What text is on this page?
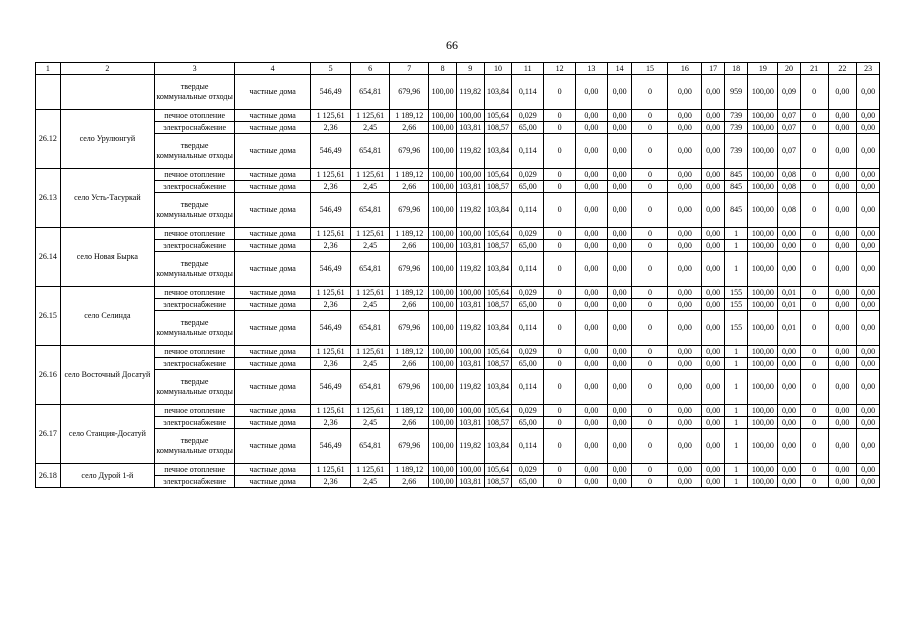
66
1	2	3	4	5	6	7	8	9	10	11	12	13	14	15	16	17	18	19	20	21	22	23
		твердые коммунальные отходы	частные дома	546,49	654,81	679,96	100,00	119,82	103,84	0,114	0	0,00	0,00	0	0,00	0,00	959	100,00	0,09	0	0,00	0,00
26.12	село Урулюнгуй	печное отопление	частные дома	1 125,61	1 125,61	1 189,12	100,00	100,00	105,64	0,029	0	0,00	0,00	0	0,00	0,00	739	100,00	0,07	0	0,00	0,00
		электроснабжение	частные дома	2,36	2,45	2,66	100,00	103,81	108,57	65,00	0	0,00	0,00	0	0,00	0,00	739	100,00	0,07	0	0,00	0,00
		твердые коммунальные отходы	частные дома	546,49	654,81	679,96	100,00	119,82	103,84	0,114	0	0,00	0,00	0	0,00	0,00	739	100,00	0,07	0	0,00	0,00
26.13	село Усть-Тасуркай	печное отопление	частные дома	1 125,61	1 125,61	1 189,12	100,00	100,00	105,64	0,029	0	0,00	0,00	0	0,00	0,00	845	100,00	0,08	0	0,00	0,00
		электроснабжение	частные дома	2,36	2,45	2,66	100,00	103,81	108,57	65,00	0	0,00	0,00	0	0,00	0,00	845	100,00	0,08	0	0,00	0,00
		твердые коммунальные отходы	частные дома	546,49	654,81	679,96	100,00	119,82	103,84	0,114	0	0,00	0,00	0	0,00	0,00	845	100,00	0,08	0	0,00	0,00
26.14	село Новая Бырка	печное отопление	частные дома	1 125,61	1 125,61	1 189,12	100,00	100,00	105,64	0,029	0	0,00	0,00	0	0,00	0,00	1	100,00	0,00	0	0,00	0,00
		электроснабжение	частные дома	2,36	2,45	2,66	100,00	103,81	108,57	65,00	0	0,00	0,00	0	0,00	0,00	1	100,00	0,00	0	0,00	0,00
		твердые коммунальные отходы	частные дома	546,49	654,81	679,96	100,00	119,82	103,84	0,114	0	0,00	0,00	0	0,00	0,00	1	100,00	0,00	0	0,00	0,00
26.15	село Селинда	печное отопление	частные дома	1 125,61	1 125,61	1 189,12	100,00	100,00	105,64	0,029	0	0,00	0,00	0	0,00	0,00	155	100,00	0,01	0	0,00	0,00
		электроснабжение	частные дома	2,36	2,45	2,66	100,00	103,81	108,57	65,00	0	0,00	0,00	0	0,00	0,00	155	100,00	0,01	0	0,00	0,00
		твердые коммунальные отходы	частные дома	546,49	654,81	679,96	100,00	119,82	103,84	0,114	0	0,00	0,00	0	0,00	0,00	155	100,00	0,01	0	0,00	0,00
26.16	село Восточный Досатуй	печное отопление	частные дома	1 125,61	1 125,61	1 189,12	100,00	100,00	105,64	0,029	0	0,00	0,00	0	0,00	0,00	1	100,00	0,00	0	0,00	0,00
		электроснабжение	частные дома	2,36	2,45	2,66	100,00	103,81	108,57	65,00	0	0,00	0,00	0	0,00	0,00	1	100,00	0,00	0	0,00	0,00
		твердые коммунальные отходы	частные дома	546,49	654,81	679,96	100,00	119,82	103,84	0,114	0	0,00	0,00	0	0,00	0,00	1	100,00	0,00	0	0,00	0,00
26.17	село Станция-Досатуй	печное отопление	частные дома	1 125,61	1 125,61	1 189,12	100,00	100,00	105,64	0,029	0	0,00	0,00	0	0,00	0,00	1	100,00	0,00	0	0,00	0,00
		электроснабжение	частные дома	2,36	2,45	2,66	100,00	103,81	108,57	65,00	0	0,00	0,00	0	0,00	0,00	1	100,00	0,00	0	0,00	0,00
		твердые коммунальные отходы	частные дома	546,49	654,81	679,96	100,00	119,82	103,84	0,114	0	0,00	0,00	0	0,00	0,00	1	100,00	0,00	0	0,00	0,00
26.18	село Дурой 1-й	печное отопление	частные дома	1 125,61	1 125,61	1 189,12	100,00	100,00	105,64	0,029	0	0,00	0,00	0	0,00	0,00	1	100,00	0,00	0	0,00	0,00
		электроснабжение	частные дома	2,36	2,45	2,66	100,00	103,81	108,57	65,00	0	0,00	0,00	0	0,00	0,00	1	100,00	0,00	0	0,00	0,00
